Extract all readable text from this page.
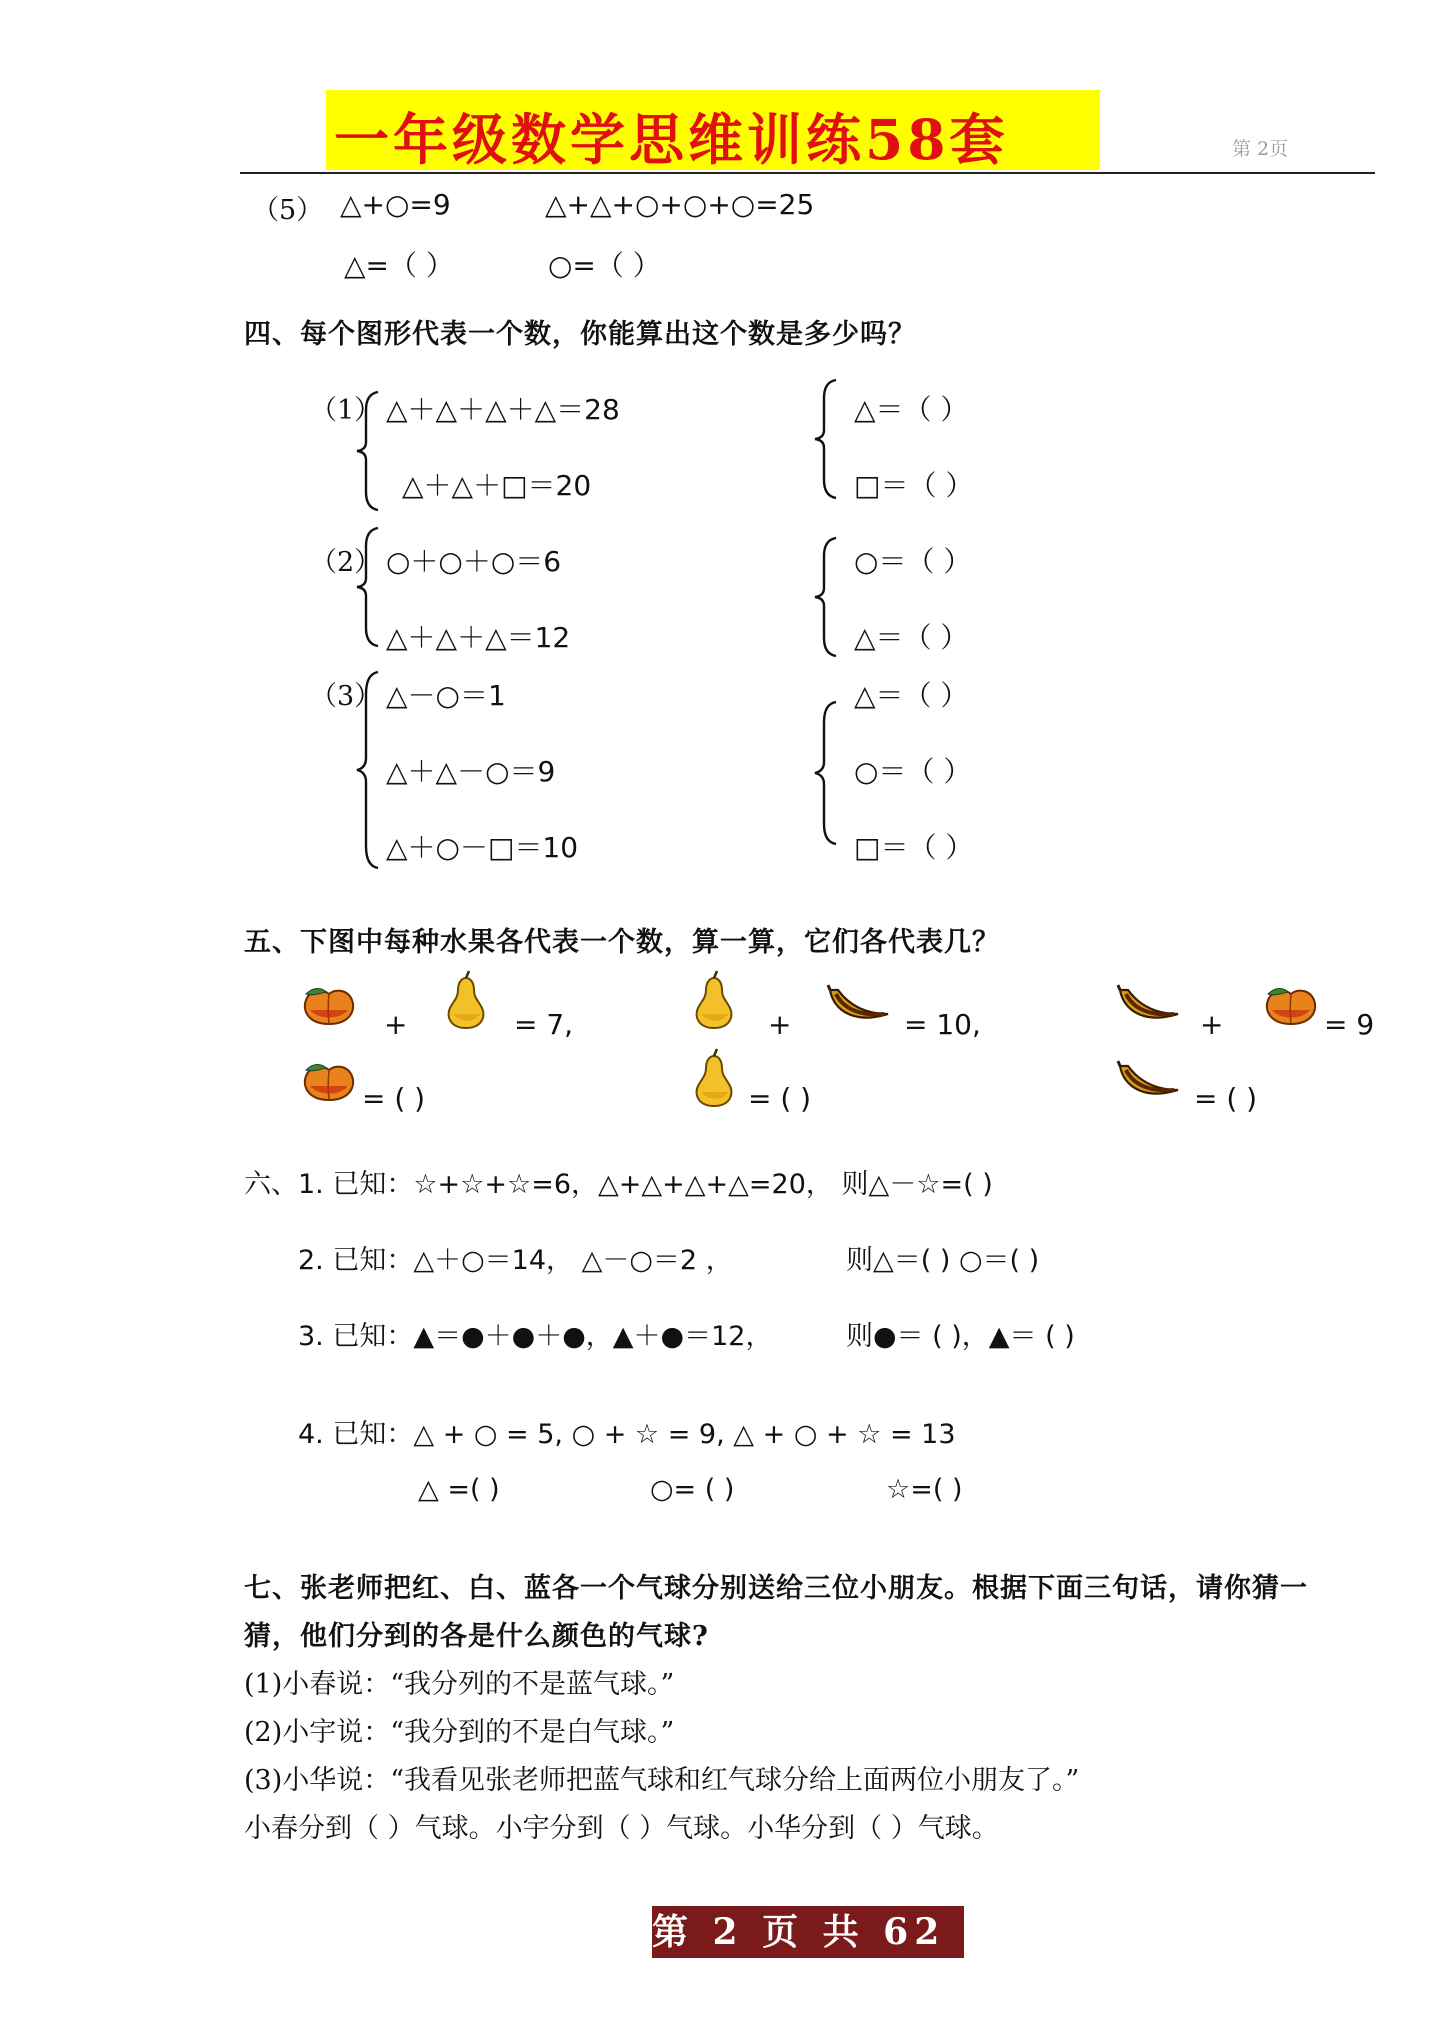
一年级数学思维训练58套	第 2页
（5） △+○=9	△+△+○+○+○=25
△=（ ）	○=（ ）
四、每个图形代表一个数，你能算出这个数是多少吗？
（1） △＋△＋△＋△＝28
△＋△＋□＝20
△＝（ ）
□＝（ ）
（2） ○＋○＋○＝6
△＋△＋△＝12
○＝（ ）
△＝（ ）
（3） △－○＝1
△＋△－○＝9
△＋○－□＝10
△＝（ ）
○＝（ ）
□＝（ ）
五、下图中每种水果各代表一个数，算一算，它们各代表几？
+	= 7,	+	= 10,	+	= 9
= ( )	= ( )	= ( )
六、1. 已知：☆+☆+☆=6，△+△+△+△=20， 则△－☆=( )
2. 已知：△＋○＝14， △－○＝2 ，	则△＝( ) ○＝( )
3. 已知：▲＝●＋●＋●，▲＋●＝12，	则●＝ ( )，▲＝ ( )
4. 已知：△ + ○ = 5, ○ + ☆ = 9, △ + ○ + ☆ = 13
△ =( )	○= ( )	☆=( )
七、张老师把红、白、蓝各一个气球分别送给三位小朋友。根据下面三句话，请你猜一
猜，他们分到的各是什么颜色的气球?
(1)小春说：“我分列的不是蓝气球。”
(2)小宇说：“我分到的不是白气球。”
(3)小华说：“我看见张老师把蓝气球和红气球分给上面两位小朋友了。”
小春分到（ ）气球。小宇分到（ ）气球。小华分到（ ）气球。
第 2 页 共 62 页
